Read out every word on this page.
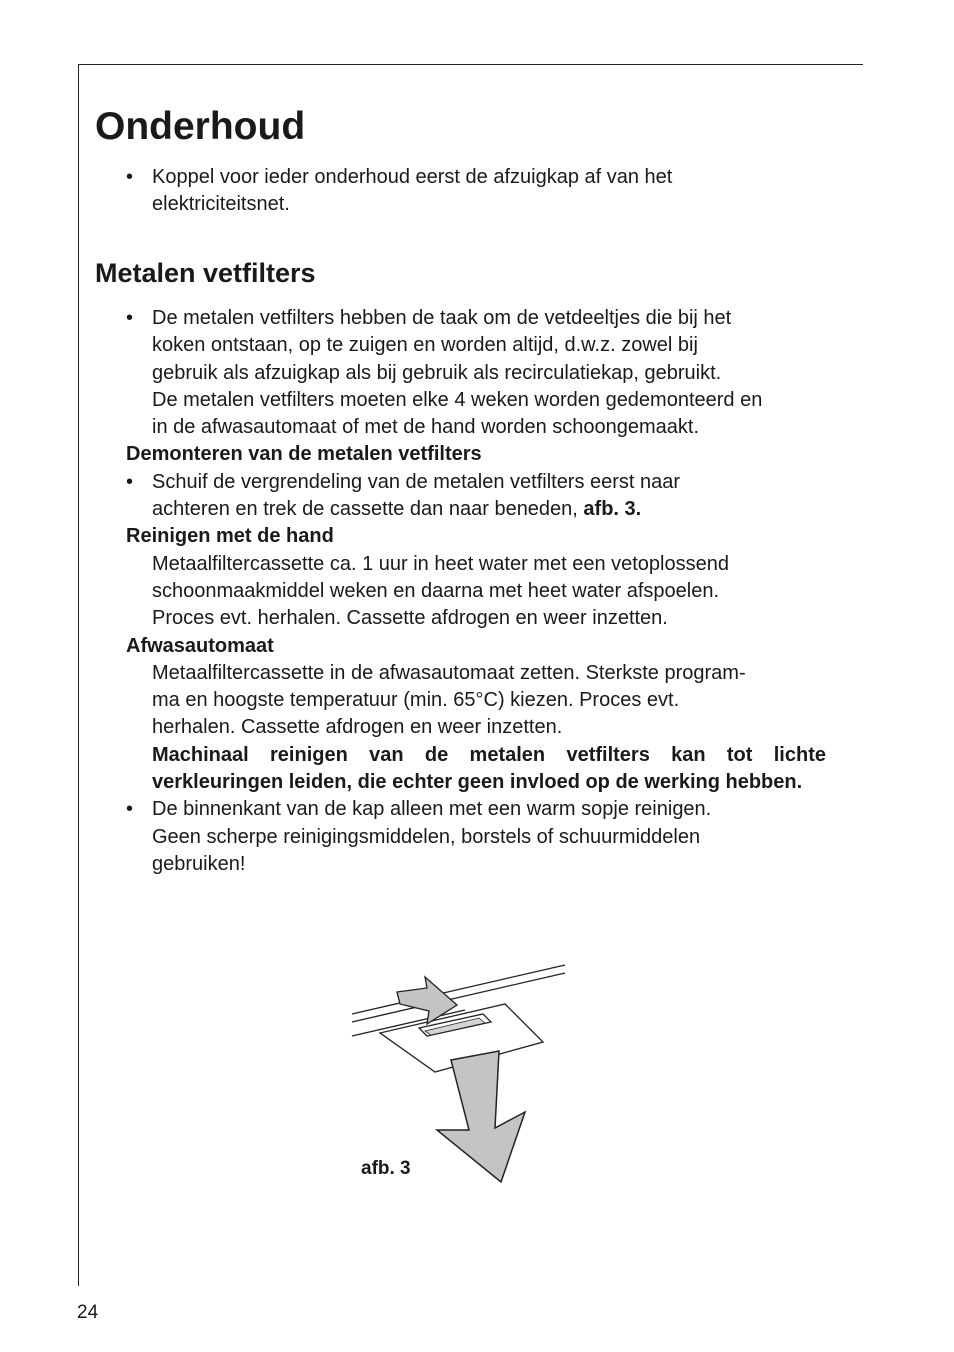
Onderhoud
• Koppel voor ieder onderhoud eerst de afzuigkap af van het
elektriciteitsnet.
Metalen vetfilters
• De metalen vetfilters hebben de taak om de vetdeeltjes die bij het
koken ontstaan, op te zuigen en worden altijd, d.w.z. zowel bij
gebruik als afzuigkap als bij gebruik als recirculatiekap, gebruikt.
De metalen vetfilters moeten elke 4 weken worden gedemonteerd en
in de afwasautomaat of met de hand worden schoongemaakt.
Demonteren van de metalen vetfilters
• Schuif de vergrendeling van de metalen vetfilters eerst naar
achteren en trek de cassette dan naar beneden, afb. 3.
Reinigen met de hand
Metaalfiltercassette ca. 1 uur in heet water met een vetoplossend
schoonmaakmiddel weken en daarna met heet water afspoelen.
Proces evt. herhalen. Cassette afdrogen en weer inzetten.
Afwasautomaat
Metaalfiltercassette in de afwasautomaat zetten. Sterkste program-
ma en hoogste temperatuur (min. 65°C) kiezen. Proces evt.
herhalen. Cassette afdrogen en weer inzetten.
Machinaal reinigen van de metalen vetfilters kan tot lichte verkleuringen leiden, die echter geen invloed op de werking hebben.
• De binnenkant van de kap alleen met een warm sopje reinigen.
Geen scherpe reinigingsmiddelen, borstels of schuurmiddelen
gebruiken!
afb. 3
24
